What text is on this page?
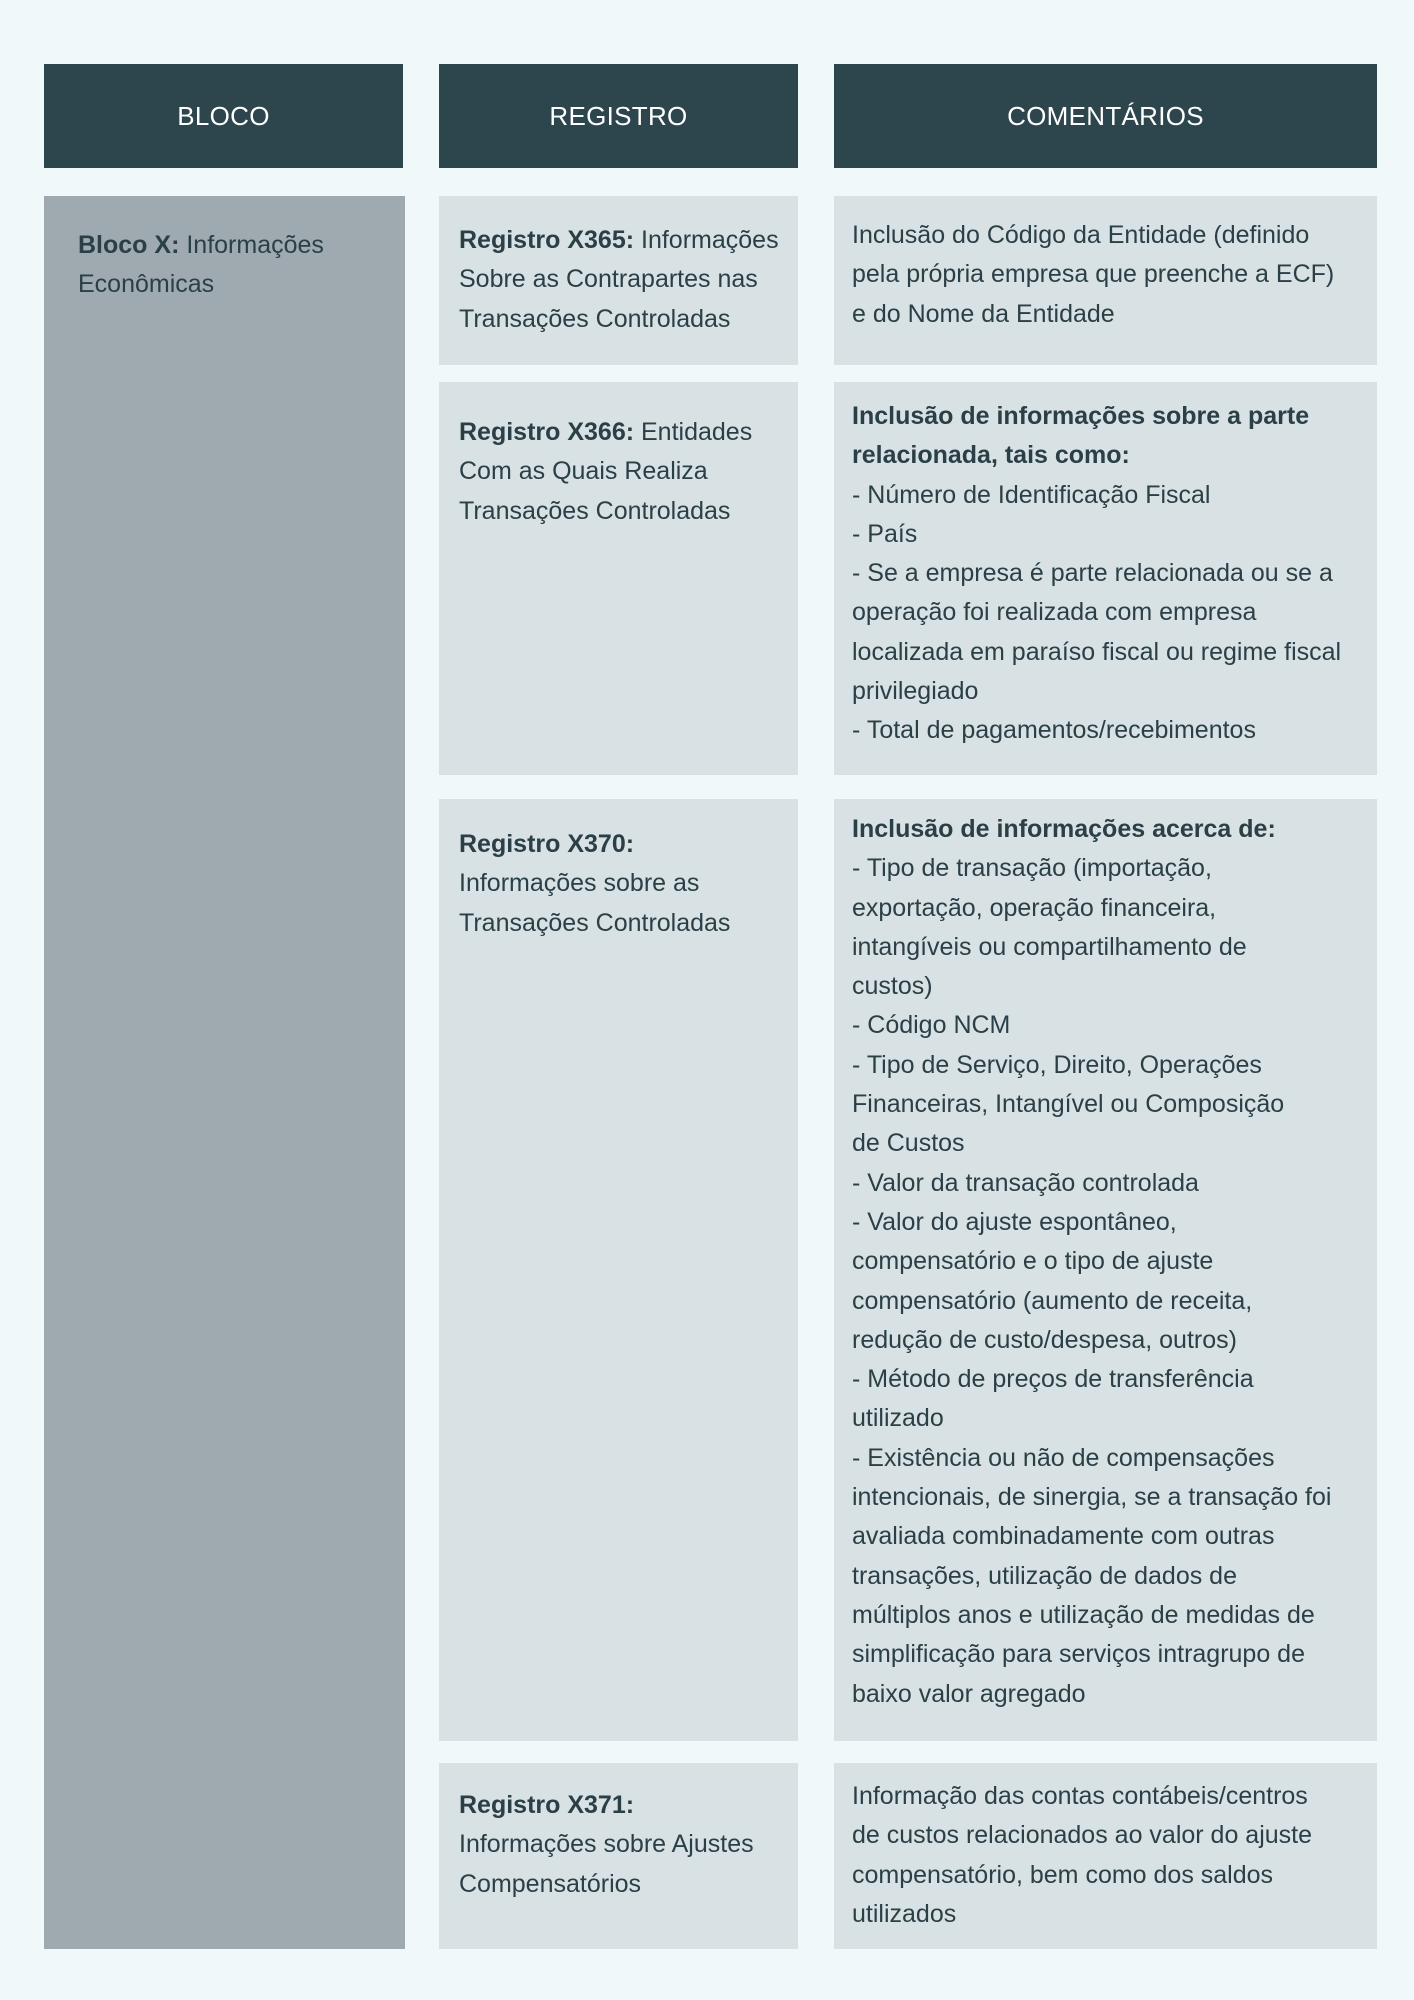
BLOCO	REGISTRO	COMENTÁRIOS
Bloco X: Informações
Econômicas
Registro X365: Informações
Sobre as Contrapartes nas
Transações Controladas
Inclusão do Código da Entidade (definido
pela própria empresa que preenche a ECF)
e do Nome da Entidade
Registro X366: Entidades
Com as Quais Realiza
Transações Controladas
Inclusão de informações sobre a parte
relacionada, tais como:
- Número de Identificação Fiscal
- País
- Se a empresa é parte relacionada ou se a
operação foi realizada com empresa
localizada em paraíso fiscal ou regime fiscal
privilegiado
- Total de pagamentos/recebimentos
Registro X370:
Informações sobre as
Transações Controladas
Inclusão de informações acerca de:
- Tipo de transação (importação,
exportação, operação financeira,
intangíveis ou compartilhamento de
custos)
- Código NCM
- Tipo de Serviço, Direito, Operações
Financeiras, Intangível ou Composição
de Custos
- Valor da transação controlada
- Valor do ajuste espontâneo,
compensatório e o tipo de ajuste
compensatório (aumento de receita,
redução de custo/despesa, outros)
- Método de preços de transferência
utilizado
- Existência ou não de compensações
intencionais, de sinergia, se a transação foi
avaliada combinadamente com outras
transações, utilização de dados de
múltiplos anos e utilização de medidas de
simplificação para serviços intragrupo de
baixo valor agregado
Registro X371:
Informações sobre Ajustes
Compensatórios
Informação das contas contábeis/centros
de custos relacionados ao valor do ajuste
compensatório, bem como dos saldos
utilizados
